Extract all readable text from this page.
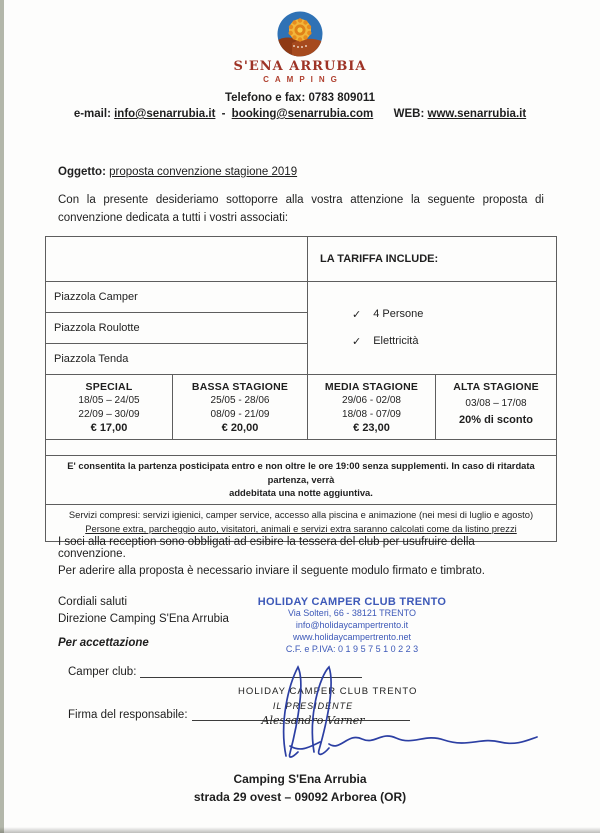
S'ENA ARRUBIA
CAMPING
Telefono e fax: 0783 809011
e-mail: info@senarrubia.it - booking@senarrubia.com WEB: www.senarrubia.it
Oggetto: proposta convenzione stagione 2019
Con la presente desideriamo sottoporre alla vostra attenzione la seguente proposta di convenzione dedicata a tutti i vostri associati:
LA TARIFFA INCLUDE:
Piazzola Camper
Piazzola Roulotte
Piazzola Tenda
✓ 4 Persone
✓ Elettricità
SPECIAL
18/05 – 24/05
22/09 – 30/09
€ 17,00
BASSA STAGIONE
25/05 - 28/06
08/09 - 21/09
€ 20,00
MEDIA STAGIONE
29/06 - 02/08
18/08 - 07/09
€ 23,00
ALTA STAGIONE
03/08 – 17/08
20% di sconto
E' consentita la partenza posticipata entro e non oltre le ore 19:00 senza supplementi. In caso di ritardata partenza, verrà
addebitata una notte aggiuntiva.
Servizi compresi: servizi igienici, camper service, accesso alla piscina e animazione (nei mesi di luglio e agosto)
Persone extra, parcheggio auto, visitatori, animali e servizi extra saranno calcolati come da listino prezzi
I soci alla reception sono obbligati ad esibire la tessera del club per usufruire della convenzione.
Per aderire alla proposta è necessario inviare il seguente modulo firmato e timbrato.
Cordiali saluti
Direzione Camping S'Ena Arrubia
Per accettazione
HOLIDAY CAMPER CLUB TRENTO
Via Solteri, 66 - 38121 TRENTO
info@holidaycampertrento.it
www.holidaycampertrento.net
C.F. e P.IVA: 0 1 9 5 7 5 1 0 2 2 3
Camper club:
Firma del responsabile:
HOLIDAY CAMPER CLUB TRENTO
IL PRESIDENTE
Alessandro Varner
Camping S'Ena Arrubia
strada 29 ovest – 09092 Arborea (OR)
